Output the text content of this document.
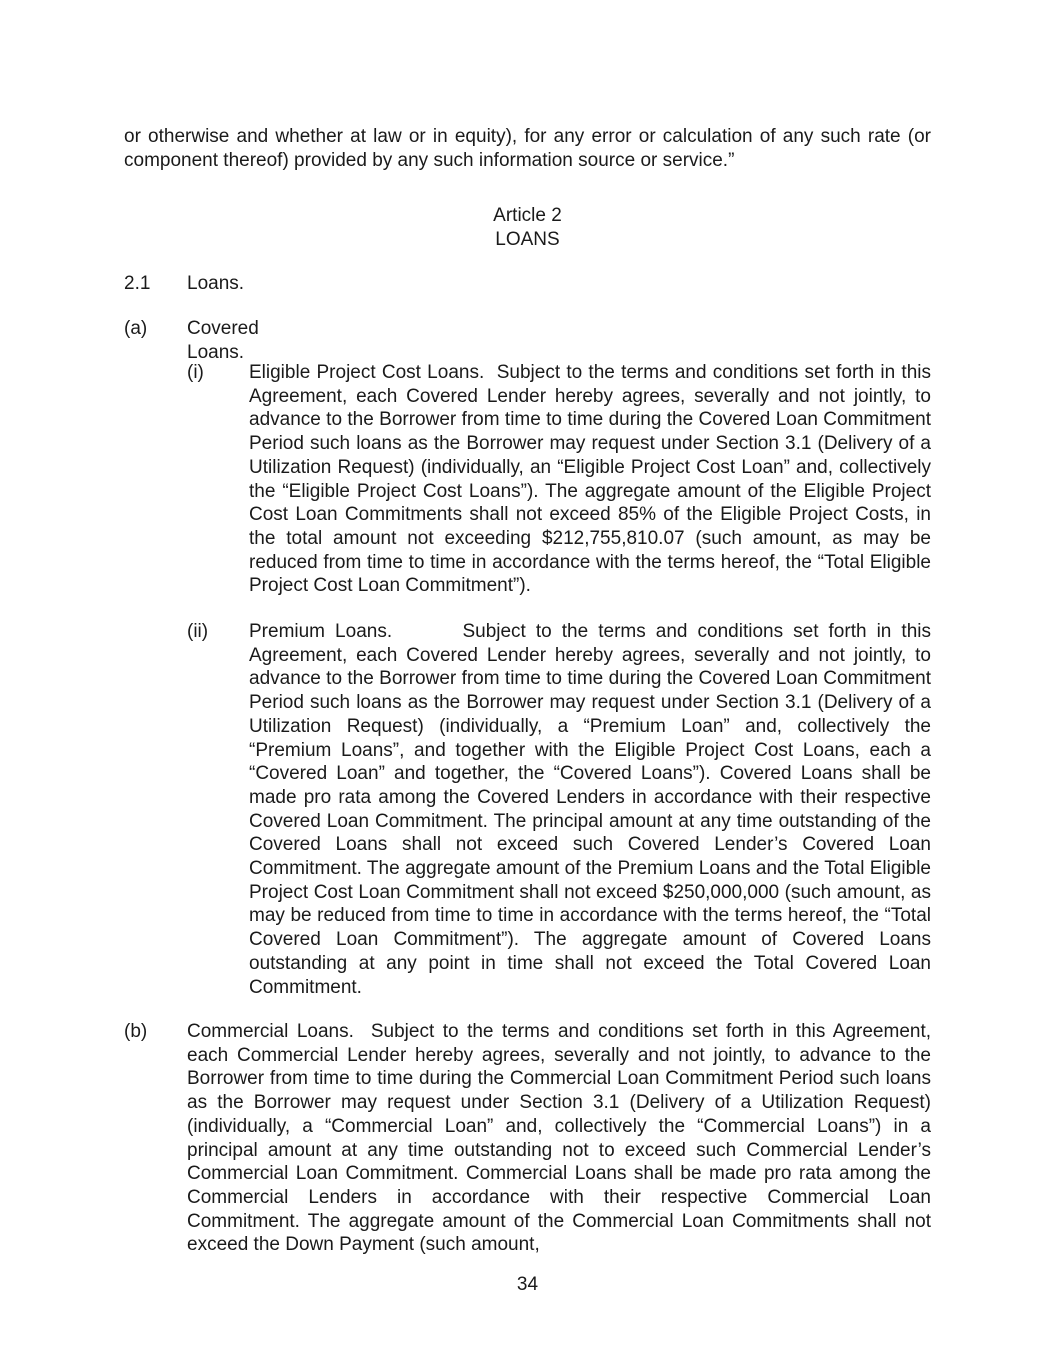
or otherwise and whether at law or in equity), for any error or calculation of any such rate (or component thereof) provided by any such information source or service.”
Article 2
LOANS
2.1 Loans.
(a) Covered Loans.
(i) Eligible Project Cost Loans. Subject to the terms and conditions set forth in this Agreement, each Covered Lender hereby agrees, severally and not jointly, to advance to the Borrower from time to time during the Covered Loan Commitment Period such loans as the Borrower may request under Section 3.1 (Delivery of a Utilization Request) (individually, an “Eligible Project Cost Loan” and, collectively the “Eligible Project Cost Loans”). The aggregate amount of the Eligible Project Cost Loan Commitments shall not exceed 85% of the Eligible Project Costs, in the total amount not exceeding $212,755,810.07 (such amount, as may be reduced from time to time in accordance with the terms hereof, the “Total Eligible Project Cost Loan Commitment”).
(ii) Premium Loans.	Subject to the terms and conditions set forth in this Agreement, each Covered Lender hereby agrees, severally and not jointly, to advance to the Borrower from time to time during the Covered Loan Commitment Period such loans as the Borrower may request under Section 3.1 (Delivery of a Utilization Request) (individually, a “Premium Loan” and, collectively the “Premium Loans”, and together with the Eligible Project Cost Loans, each a “Covered Loan” and together, the “Covered Loans”). Covered Loans shall be made pro rata among the Covered Lenders in accordance with their respective Covered Loan Commitment. The principal amount at any time outstanding of the Covered Loans shall not exceed such Covered Lender’s Covered Loan Commitment. The aggregate amount of the Premium Loans and the Total Eligible Project Cost Loan Commitment shall not exceed $250,000,000 (such amount, as may be reduced from time to time in accordance with the terms hereof, the “Total Covered Loan Commitment”). The aggregate amount of Covered Loans outstanding at any point in time shall not exceed the Total Covered Loan Commitment.
(b) Commercial Loans. Subject to the terms and conditions set forth in this Agreement, each Commercial Lender hereby agrees, severally and not jointly, to advance to the Borrower from time to time during the Commercial Loan Commitment Period such loans as the Borrower may request under Section 3.1 (Delivery of a Utilization Request) (individually, a “Commercial Loan” and, collectively the “Commercial Loans”) in a principal amount at any time outstanding not to exceed such Commercial Lender’s Commercial Loan Commitment. Commercial Loans shall be made pro rata among the Commercial Lenders in accordance with their respective Commercial Loan Commitment. The aggregate amount of the Commercial Loan Commitments shall not exceed the Down Payment (such amount,
34
